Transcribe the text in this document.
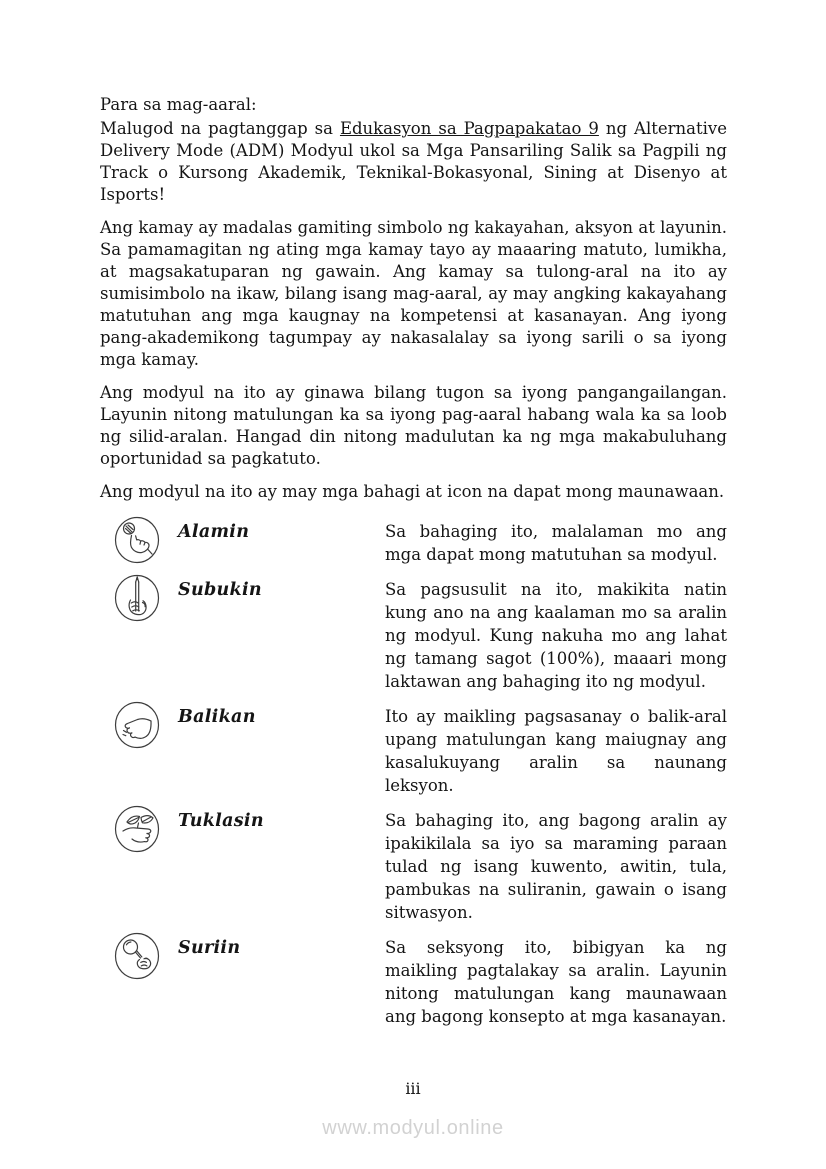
Para sa mag-aaral:

Malugod na pagtanggap sa Edukasyon sa Pagpapakatao 9 ng Alternative Delivery Mode (ADM) Modyul ukol sa Mga Pansariling Salik sa Pagpili ng Track o Kursong Akademik, Teknikal-Bokasyonal, Sining at Disenyo at Isports!

Ang kamay ay madalas gamiting simbolo ng kakayahan, aksyon at layunin. Sa pamamagitan ng ating mga kamay tayo ay maaaring matuto, lumikha, at magsakatuparan ng gawain. Ang kamay sa tulong-aral na ito ay sumisimbolo na ikaw, bilang isang mag-aaral, ay may angking kakayahang matutuhan ang mga kaugnay na kompetensi at kasanayan. Ang iyong pang-akademikong tagumpay ay nakasalalay sa iyong sarili o sa iyong mga kamay.

Ang modyul na ito ay ginawa bilang tugon sa iyong pangangailangan. Layunin nitong matulungan ka sa iyong pag-aaral habang wala ka sa loob ng silid-aralan. Hangad din nitong madulutan ka ng mga makabuluhang oportunidad sa pagkatuto.

Ang modyul na ito ay may mga bahagi at icon na dapat mong maunawaan.

Alamin	Sa bahaging ito, malalaman mo ang mga dapat mong matutuhan sa modyul.
Subukin	Sa pagsusulit na ito, makikita natin kung ano na ang kaalaman mo sa aralin ng modyul. Kung nakuha mo ang lahat ng tamang sagot (100%), maaari mong laktawan ang bahaging ito ng modyul.
Balikan	Ito ay maikling pagsasanay o balik-aral upang matulungan kang maiugnay ang kasalukuyang aralin sa naunang leksyon.
Tuklasin	Sa bahaging ito, ang bagong aralin ay ipakikilala sa iyo sa maraming paraan tulad ng isang kuwento, awitin, tula, pambukas na suliranin, gawain o isang sitwasyon.
Suriin	Sa seksyong ito, bibigyan ka ng maikling pagtalakay sa aralin. Layunin nitong matulungan kang maunawaan ang bagong konsepto at mga kasanayan.
iii
www.modyul.online
